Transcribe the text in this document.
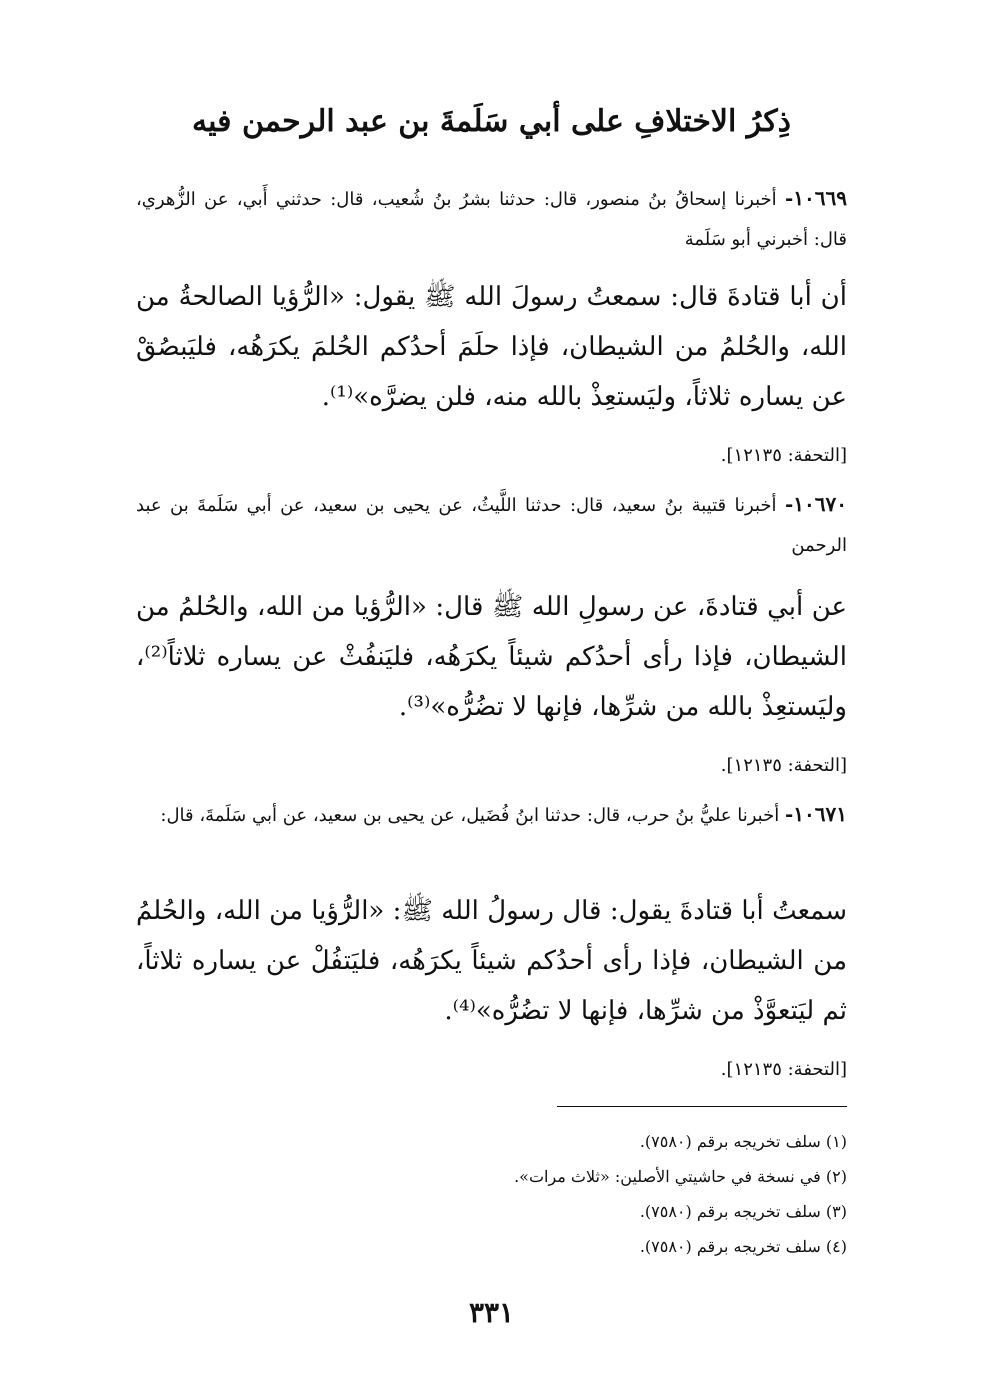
ذِكرُ الاختلافِ على أبي سَلَمةَ بن عبد الرحمن فيه
١٠٦٦٩- أخبرنا إسحاقُ بنُ منصور، قال: حدثنا بشرُ بنُ شُعيب، قال: حدثني أَبي، عن الزُّهري، قال: أخبرني أبو سَلَمة
أن أبا قتادةَ قال: سمعتُ رسولَ الله ﷺ يقول: «الرُّؤيا الصالحةُ من الله، والحُلمُ من الشيطان، فإذا حلَمَ أحدُكم الحُلمَ يكرَهُه، فليَبصُقْ عن يساره ثلاثاً، وليَستعِذْ بالله منه، فلن يضرَّه»⁽¹⁾.
[التحفة: ١٢١٣٥].
١٠٦٧٠- أخبرنا قتيبة بنُ سعيد، قال: حدثنا اللَّيثُ، عن يحيى بن سعيد، عن أبي سَلَمةَ بن عبد الرحمن
عن أبي قتادةَ، عن رسولِ الله ﷺ قال: «الرُّؤيا من الله، والحُلمُ من الشيطان، فإذا رأى أحدُكم شيئاً يكرَهُه، فليَنفُثْ عن يساره ثلاثاً⁽²⁾، وليَستعِذْ بالله من شرِّها، فإنها لا تضُرُّه»⁽³⁾.
[التحفة: ١٢١٣٥].
١٠٦٧١- أخبرنا عليُّ بنُ حرب، قال: حدثنا ابنُ فُضَيل، عن يحيى بن سعيد، عن أبي سَلَمةَ، قال:
سمعتُ أبا قتادةَ يقول: قال رسولُ الله ﷺ: «الرُّؤيا من الله، والحُلمُ من الشيطان، فإذا رأى أحدُكم شيئاً يكرَهُه، فليَتفُلْ عن يساره ثلاثاً، ثم ليَتعوَّذْ من شرِّها، فإنها لا تضُرُّه»⁽⁴⁾.
[التحفة: ١٢١٣٥].
(١) سلف تخريجه برقم (٧٥٨٠).
(٢) في نسخة في حاشيتي الأصلين: «ثلاث مرات».
(٣) سلف تخريجه برقم (٧٥٨٠).
(٤) سلف تخريجه برقم (٧٥٨٠).
٣٣١
